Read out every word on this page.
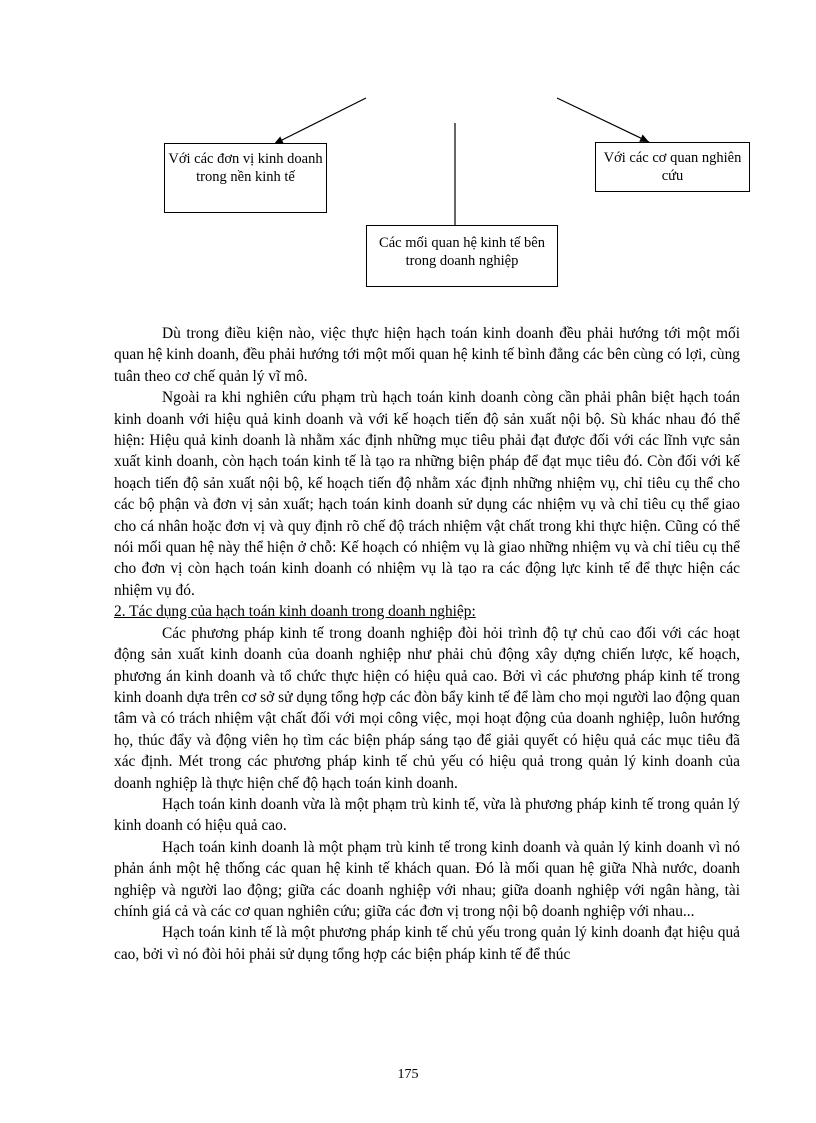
Với các đơn vị kinh doanh trong nền kinh tế
Với các cơ quan nghiên cứu
Các mối quan hệ kinh tế bên trong doanh nghiệp

Dù trong điều kiện nào, việc thực hiện hạch toán kinh doanh đều phải hướng tới một mối quan hệ kinh doanh, đều phải hướng tới một mối quan hệ kinh tế bình đẳng các bên cùng có lợi, cùng tuân theo cơ chế quản lý vĩ mô.

Ngoài ra khi nghiên cứu phạm trù hạch toán kinh doanh còng cần phải phân biệt hạch toán kinh doanh với hiệu quả kinh doanh và với kế hoạch tiến độ sản xuất nội bộ. Sù khác nhau đó thể hiện: Hiệu quả kinh doanh là nhằm xác định những mục tiêu phải đạt được đối với các lĩnh vực sản xuất kinh doanh, còn hạch toán kinh tế là tạo ra những biện pháp để đạt mục tiêu đó. Còn đối với kế hoạch tiến độ sản xuất nội bộ, kế hoạch tiến độ nhằm xác định những nhiệm vụ, chỉ tiêu cụ thể cho các bộ phận và đơn vị sản xuất; hạch toán kinh doanh sử dụng các nhiệm vụ và chỉ tiêu cụ thể giao cho cá nhân hoặc đơn vị và quy định rõ chế độ trách nhiệm vật chất trong khi thực hiện. Cũng có thể nói mối quan hệ này thể hiện ở chỗ: Kế hoạch có nhiệm vụ là giao những nhiệm vụ và chỉ tiêu cụ thể cho đơn vị còn hạch toán kinh doanh có nhiệm vụ là tạo ra các động lực kinh tế để thực hiện các nhiệm vụ đó.

2. Tác dụng của hạch toán kinh doanh trong doanh nghiệp:

Các phương pháp kinh tế trong doanh nghiệp đòi hỏi trình độ tự chủ cao đối với các hoạt động sản xuất kinh doanh của doanh nghiệp như phải chủ động xây dựng chiến lược, kế hoạch, phương án kinh doanh và tổ chức thực hiện có hiệu quả cao. Bởi vì các phương pháp kinh tế trong kinh doanh dựa trên cơ sở sử dụng tổng hợp các đòn bẩy kinh tế để làm cho mọi người lao động quan tâm và có trách nhiệm vật chất đối với mọi công việc, mọi hoạt động của doanh nghiệp, luôn hướng họ, thúc đẩy và động viên họ tìm các biện pháp sáng tạo để giải quyết có hiệu quả các mục tiêu đã xác định. Mét trong các phương pháp kinh tế chủ yếu có hiệu quả trong quản lý kinh doanh của doanh nghiệp là thực hiện chế độ hạch toán kinh doanh.

Hạch toán kinh doanh vừa là một phạm trù kinh tế, vừa là phương pháp kinh tế trong quản lý kinh doanh có hiệu quả cao.

Hạch toán kinh doanh là một phạm trù kinh tế trong kinh doanh và quản lý kinh doanh vì nó phản ánh một hệ thống các quan hệ kinh tế khách quan. Đó là mối quan hệ giữa Nhà nước, doanh nghiệp và người lao động; giữa các doanh nghiệp với nhau; giữa doanh nghiệp với ngân hàng, tài chính giá cả và các cơ quan nghiên cứu; giữa các đơn vị trong nội bộ doanh nghiệp với nhau...

Hạch toán kinh tế là một phương pháp kinh tế chủ yếu trong quản lý kinh doanh đạt hiệu quả cao, bởi vì nó đòi hỏi phải sử dụng tổng hợp các biện pháp kinh tế để thúc

175
